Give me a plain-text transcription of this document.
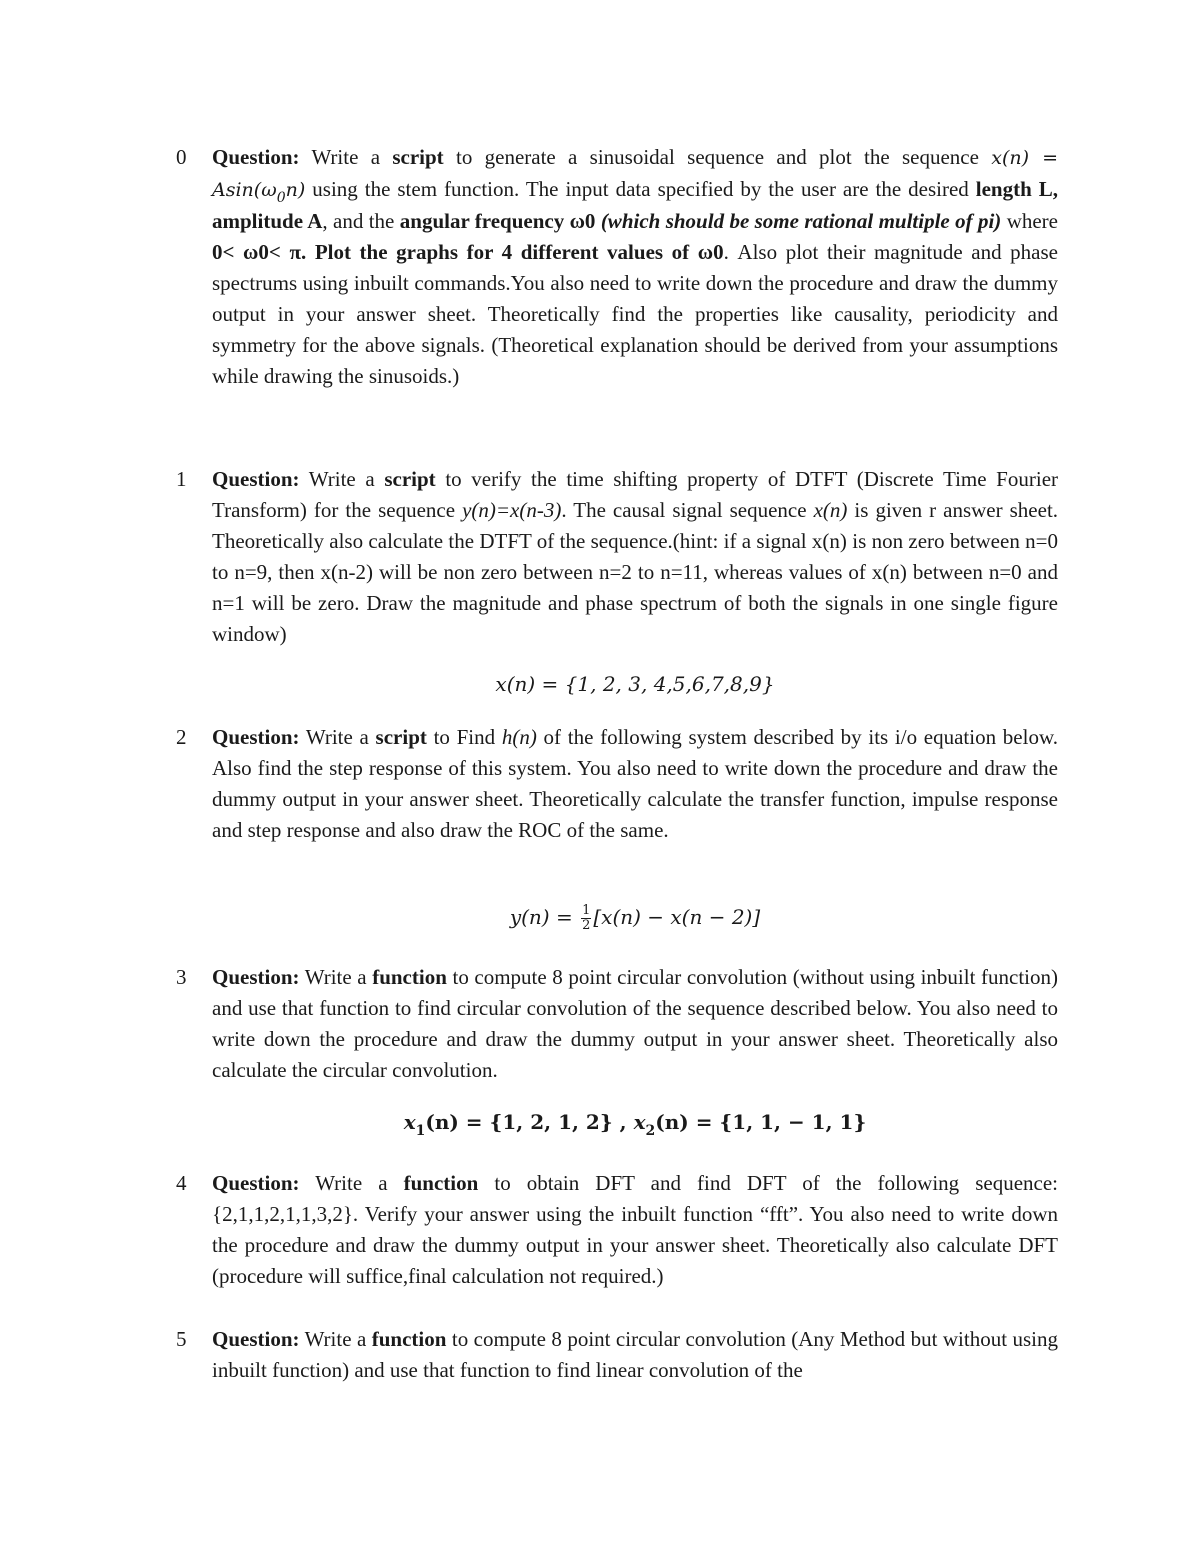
0 Question: Write a script to generate a sinusoidal sequence and plot the sequence $x(n) = Asin(\omega_0n)$ using the stem function. The input data specified by the user are the desired length L, amplitude A, and the angular frequency ω0 (which should be some rational multiple of pi) where 0< ω0< π. Plot the graphs for 4 different values of ω0. Also plot their magnitude and phase spectrums using inbuilt commands.You also need to write down the procedure and draw the dummy output in your answer sheet. Theoretically find the properties like causality, periodicity and symmetry for the above signals. (Theoretical explanation should be derived from your assumptions while drawing the sinusoids.)
1 Question: Write a script to verify the time shifting property of DTFT (Discrete Time Fourier Transform) for the sequence y(n)=x(n-3). The causal signal sequence x(n) is given r answer sheet. Theoretically also calculate the DTFT of the sequence.(hint: if a signal x(n) is non zero between n=0 to n=9, then x(n-2) will be non zero between n=2 to n=11, whereas values of x(n) between n=0 and n=1 will be zero. Draw the magnitude and phase spectrum of both the signals in one single figure window)
x(n) = {1, 2, 3, 4,5,6,7,8,9}
2 Question: Write a script to Find h(n) of the following system described by its i/o equation below. Also find the step response of this system. You also need to write down the procedure and draw the dummy output in your answer sheet. Theoretically calculate the transfer function, impulse response and step response and also draw the ROC of the same.
$y(n) = \frac{1}{2} [x(n) - x(n - 2)]$
3 Question: Write a function to compute 8 point circular convolution (without using inbuilt function) and use that function to find circular convolution of the sequence described below. You also need to write down the procedure and draw the dummy output in your answer sheet. Theoretically also calculate the circular convolution.
$x_1(n) = \{1$, 2, 1, 2} , $x_2(n) = \{1$, 1, − 1, 1}
4 Question: Write a function to obtain DFT and find DFT of the following sequence: {2,1,1,2,1,1,3,2}. Verify your answer using the inbuilt function “fft”. You also need to write down the procedure and draw the dummy output in your answer sheet. Theoretically also calculate DFT (procedure will suffice,final calculation not required.)
5 Question: Write a function to compute 8 point circular convolution (Any Method but without using inbuilt function) and use that function to find linear convolution of the
